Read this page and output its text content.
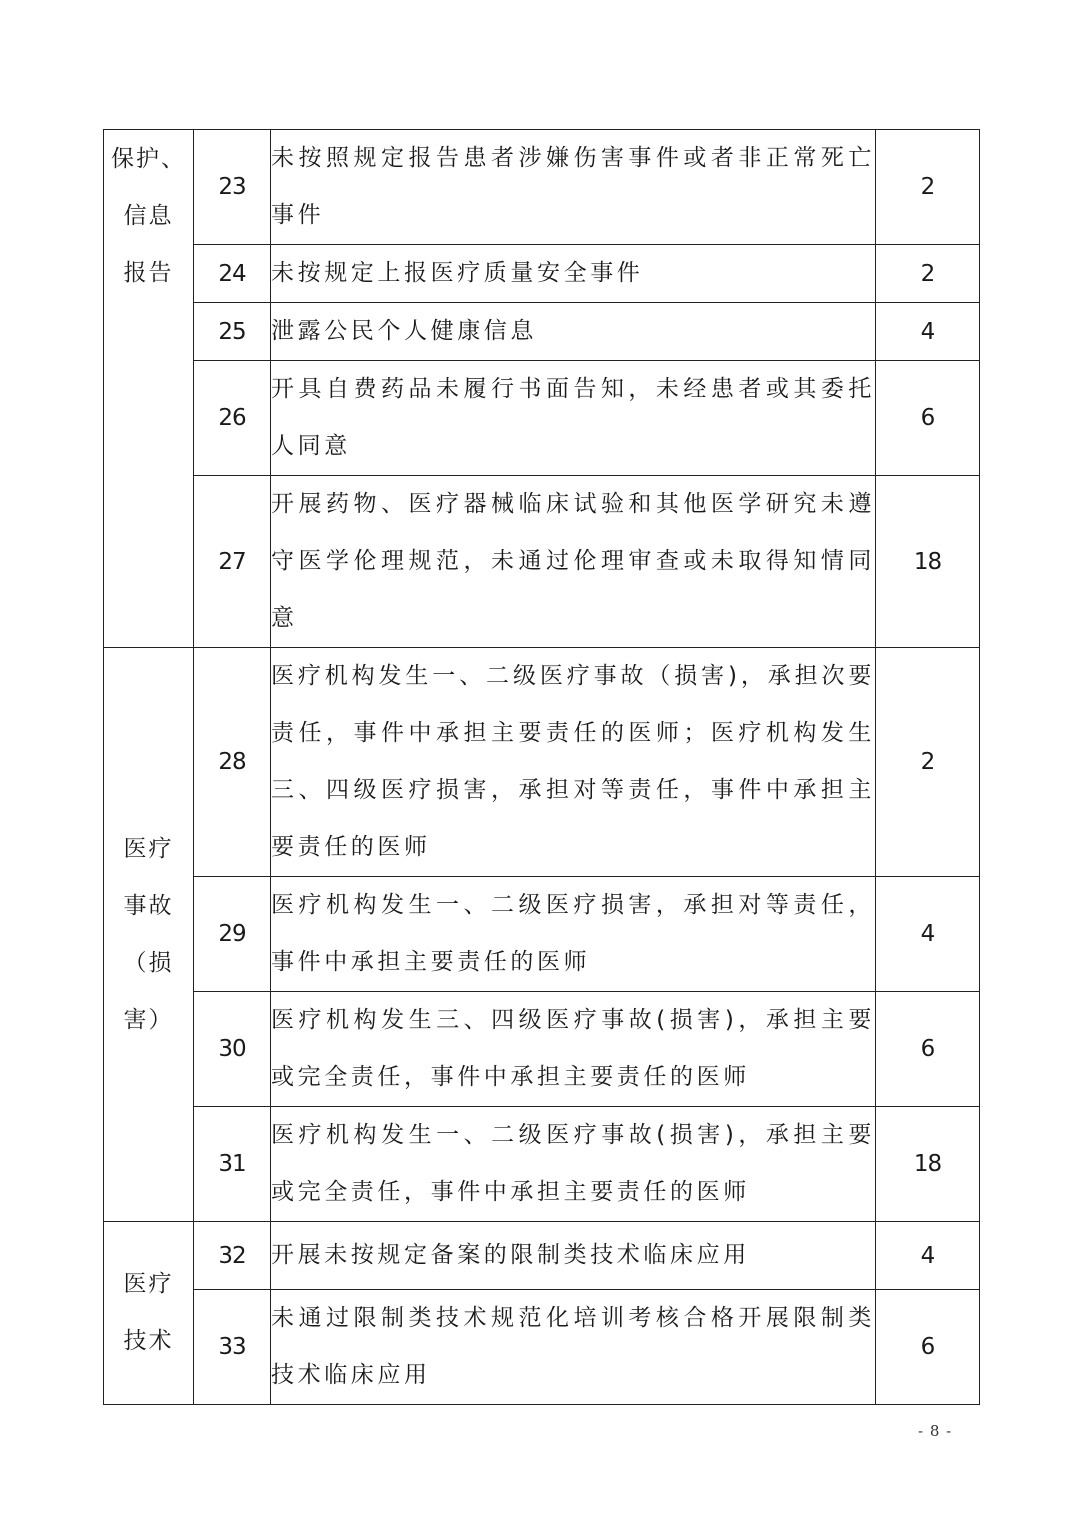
保护、
信息
报告	23	未按照规定报告患者涉嫌伤害事件或者非正常死亡事件	2
	24	未按规定上报医疗质量安全事件	2
	25	泄露公民个人健康信息	4
	26	开具自费药品未履行书面告知，未经患者或其委托人同意	6
	27	开展药物、医疗器械临床试验和其他医学研究未遵守医学伦理规范，未通过伦理审查或未取得知情同意	18

医疗
事故
（损
害）	28	医疗机构发生一、二级医疗事故（损害)，承担次要责任，事件中承担主要责任的医师；医疗机构发生三、四级医疗损害，承担对等责任，事件中承担主要责任的医师	2
	29	医疗机构发生一、二级医疗损害，承担对等责任，事件中承担主要责任的医师	4
	30	医疗机构发生三、四级医疗事故(损害)，承担主要或完全责任，事件中承担主要责任的医师	6
	31	医疗机构发生一、二级医疗事故(损害)，承担主要或完全责任，事件中承担主要责任的医师	18

医疗
技术	32	开展未按规定备案的限制类技术临床应用	4
	33	未通过限制类技术规范化培训考核合格开展限制类技术临床应用	6
- 8 -
